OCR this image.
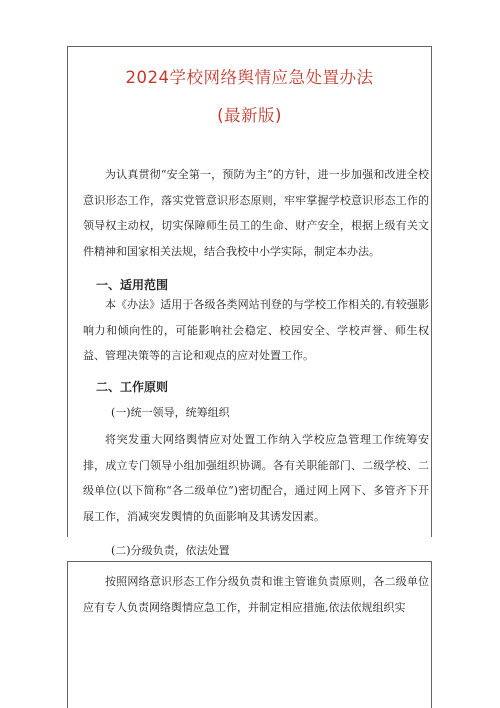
2024学校网络舆情应急处置办法
(最新版)

为认真贯彻“安全第一，预防为主”的方针，进一步加强和改进全校意识形态工作，落实党管意识形态原则，牢牢掌握学校意识形态工作的领导权主动权，切实保障师生员工的生命、财产安全，根据上级有关文件精神和国家相关法规，结合我校中小学实际，制定本办法。

一、适用范围

本《办法》适用于各级各类网站刊登的与学校工作相关的,有较强影响力和倾向性的，可能影响社会稳定、校园安全、学校声誉、师生权益、管理决策等的言论和观点的应对处置工作。

二、工作原则
(一)统一领导，统筹组织

将突发重大网络舆情应对处置工作纳入学校应急管理工作统筹安排，成立专门领导小组加强组织协调。各有关职能部门、二级学校、二级单位(以下简称“各二级单位”)密切配合，通过网上网下、多管齐下开展工作，消减突发舆情的负面影响及其诱发因素。

(二)分级负责，依法处置

按照网络意识形态工作分级负责和谁主管谁负责原则，各二级单位应有专人负责网络舆情应急工作，并制定相应措施,依法依规组织实
